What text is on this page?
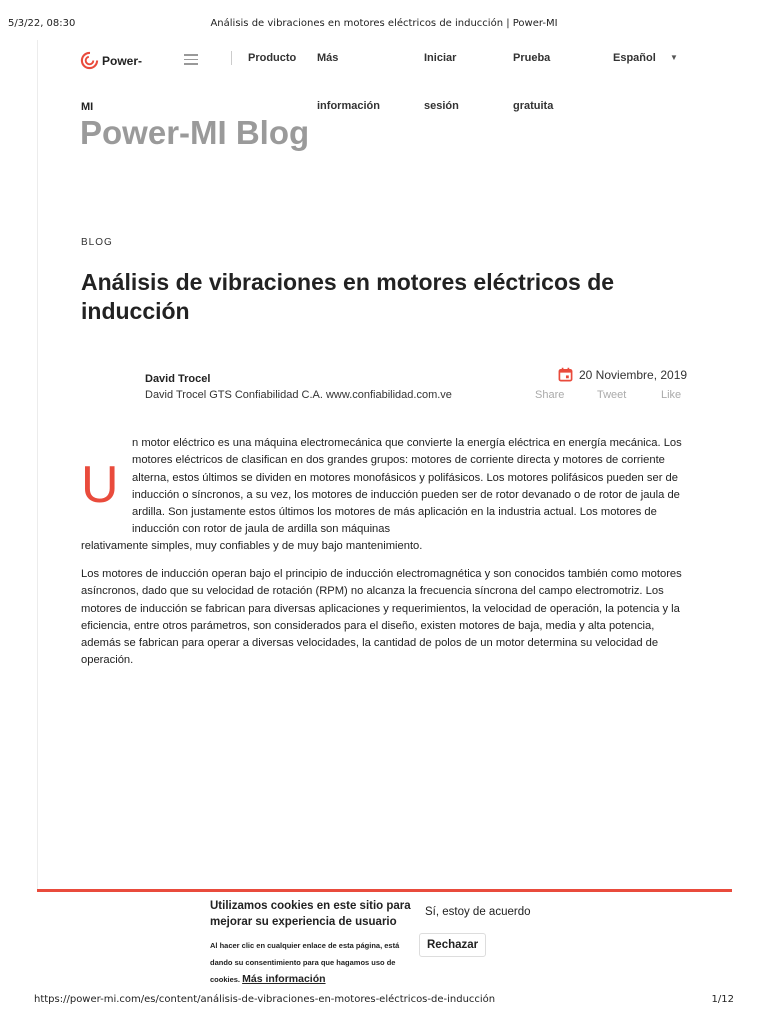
5/3/22, 08:30	Análisis de vibraciones en motores eléctricos de inducción | Power-MI
Power-
MI
Producto Más
información
Iniciar
sesión
Prueba
gratuita
Español ▼
Power-MI Blog
BLOG
Análisis de vibraciones en motores eléctricos de inducción
David Trocel
David Trocel GTS Confiabilidad C.A. www.confiabilidad.com.ve
20 Noviembre, 2019
Share	Tweet	Like
U

n motor eléctrico es una máquina electromecánica que convierte la energía eléctrica en energía mecánica. Los motores eléctricos de clasifican en dos grandes grupos: motores de corriente directa y motores de corriente alterna, estos últimos se dividen en motores monofásicos y polifásicos. Los motores polifásicos pueden ser de inducción o síncronos, a su vez, los motores de inducción pueden ser de rotor devanado o de rotor de jaula de ardilla. Son justamente estos últimos los motores de más aplicación en la industria actual. Los motores de inducción con rotor de jaula de ardilla son máquinas

relativamente simples, muy confiables y de muy bajo mantenimiento.

Los motores de inducción operan bajo el principio de inducción electromagnética y son conocidos también como motores asíncronos, dado que su velocidad de rotación (RPM) no alcanza la frecuencia síncrona del campo electromotriz. Los motores de inducción se fabrican para diversas aplicaciones y requerimientos, la velocidad de operación, la potencia y la eficiencia, entre otros parámetros, son considerados para el diseño, existen motores de baja, media y alta potencia, además se fabrican para operar a diversas velocidades, la cantidad de polos de un motor determina su velocidad de operación.

Utilizamos cookies en este sitio para mejorar su experiencia de usuario
Al hacer clic en cualquier enlace de esta página, está dando su consentimiento para que hagamos uso de cookies. Más información
Sí, estoy de acuerdo
Rechazar
https://power-mi.com/es/content/análisis-de-vibraciones-en-motores-eléctricos-de-inducción	1/12
